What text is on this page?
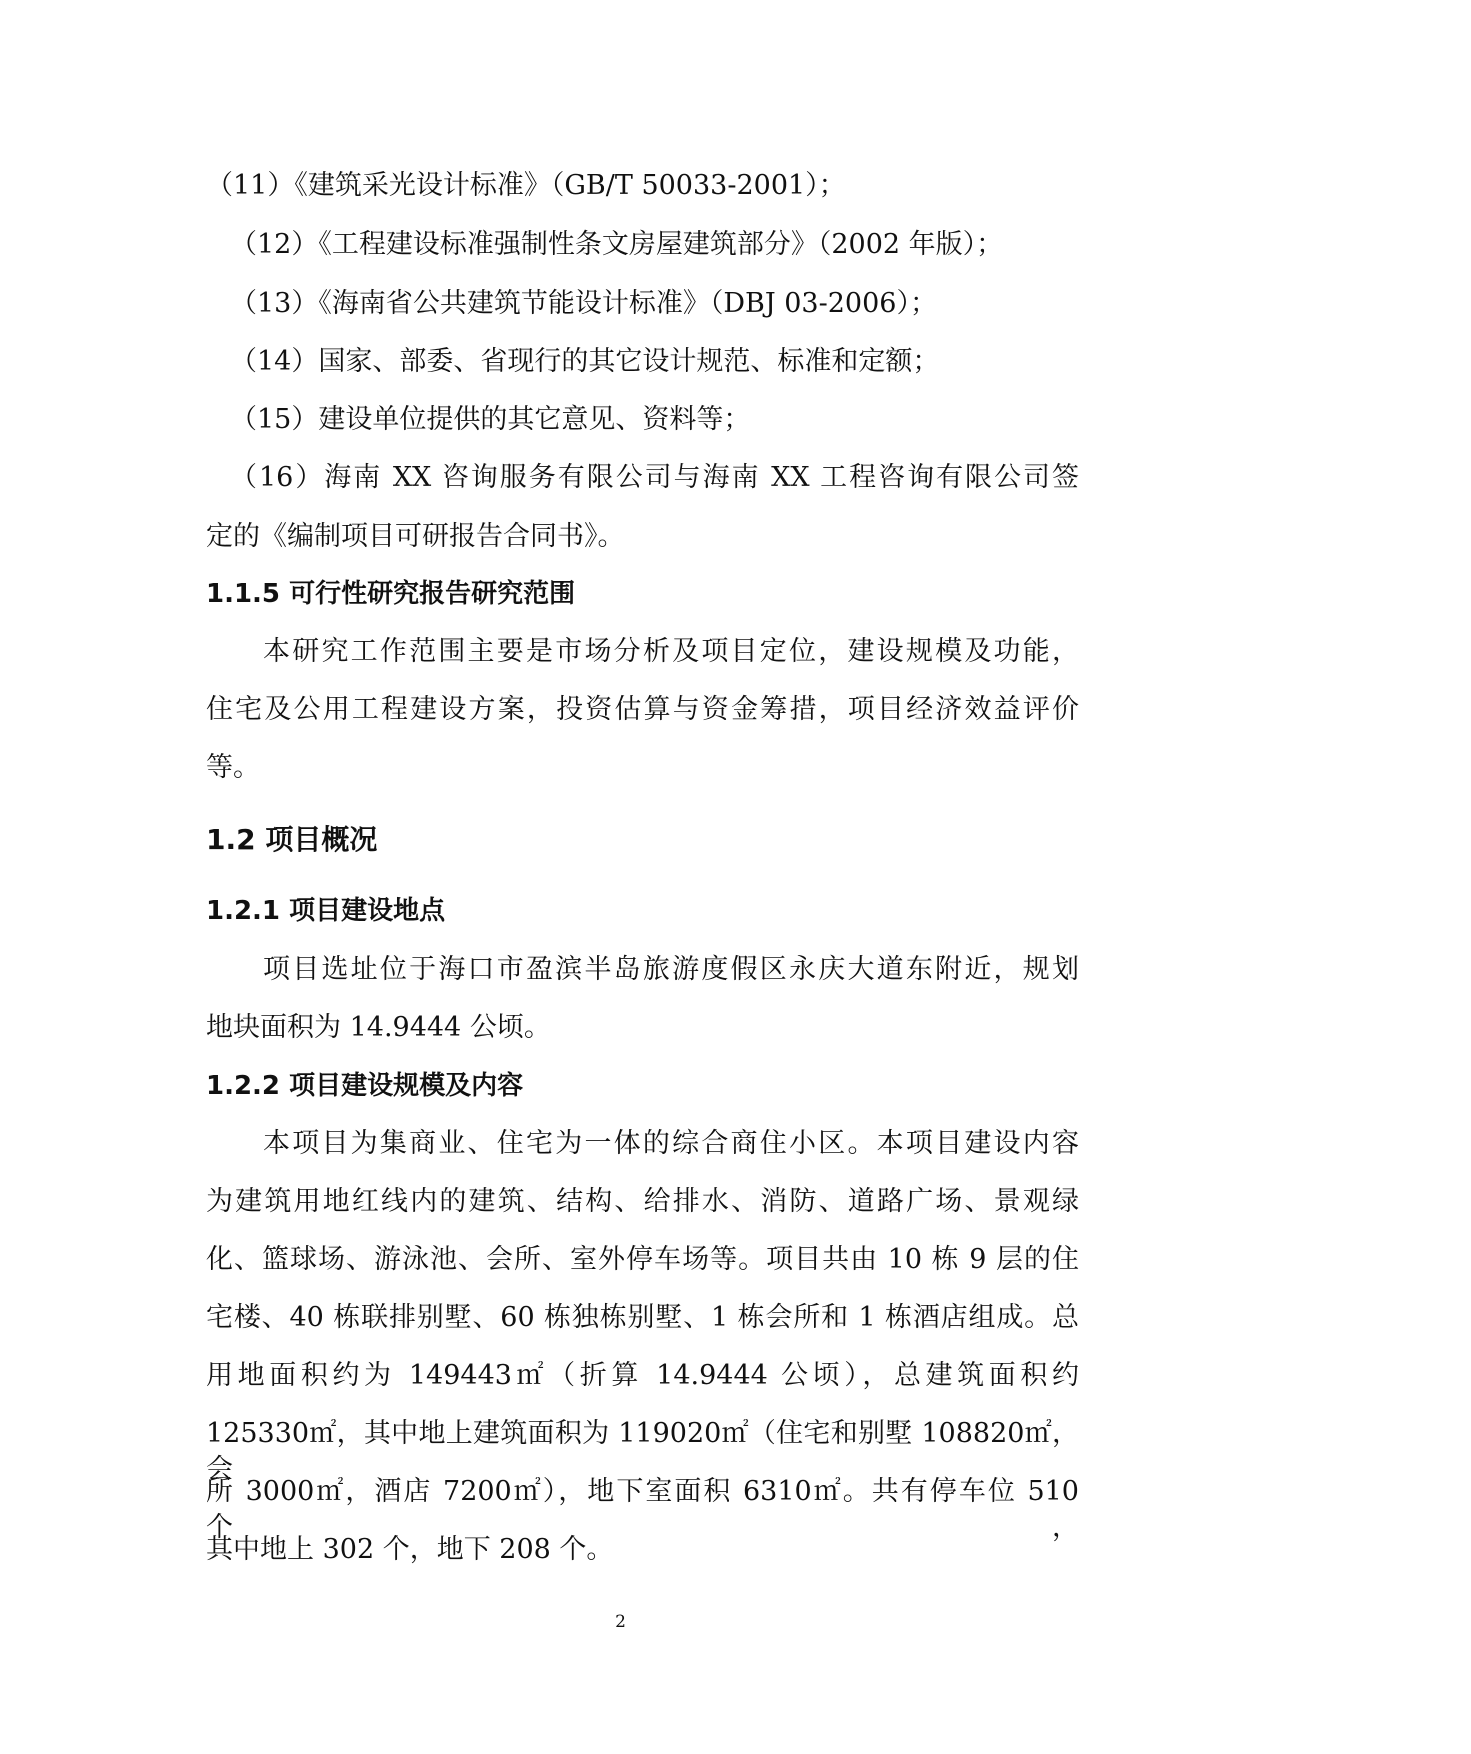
（11）《建筑采光设计标准》（GB/T 50033-2001）；
（12）《工程建设标准强制性条文房屋建筑部分》（2002 年版）；
（13）《海南省公共建筑节能设计标准》（DBJ 03-2006）；
（14）国家、部委、省现行的其它设计规范、标准和定额；
（15）建设单位提供的其它意见、资料等；
（16）海南 XX 咨询服务有限公司与海南 XX 工程咨询有限公司签
定的《编制项目可研报告合同书》。
1.1.5 可行性研究报告研究范围
本研究工作范围主要是市场分析及项目定位，建设规模及功能，
住宅及公用工程建设方案，投资估算与资金筹措，项目经济效益评价
等。
1.2 项目概况
1.2.1 项目建设地点
项目选址位于海口市盈滨半岛旅游度假区永庆大道东附近，规划
地块面积为 14.9444 公顷。
1.2.2 项目建设规模及内容
本项目为集商业、住宅为一体的综合商住小区。本项目建设内容
为建筑用地红线内的建筑、结构、给排水、消防、道路广场、景观绿
化、篮球场、游泳池、会所、室外停车场等。项目共由 10 栋 9 层的住
宅楼、40 栋联排别墅、60 栋独栋别墅、1 栋会所和 1 栋酒店组成。总
用地面积约为 149443㎡（折算 14.9444 公顷），总建筑面积约
125330㎡，其中地上建筑面积为 119020㎡（住宅和别墅 108820㎡，会
所 3000㎡，酒店 7200㎡），地下室面积 6310㎡。共有停车位 510 个，
其中地上 302 个，地下 208 个。
2
